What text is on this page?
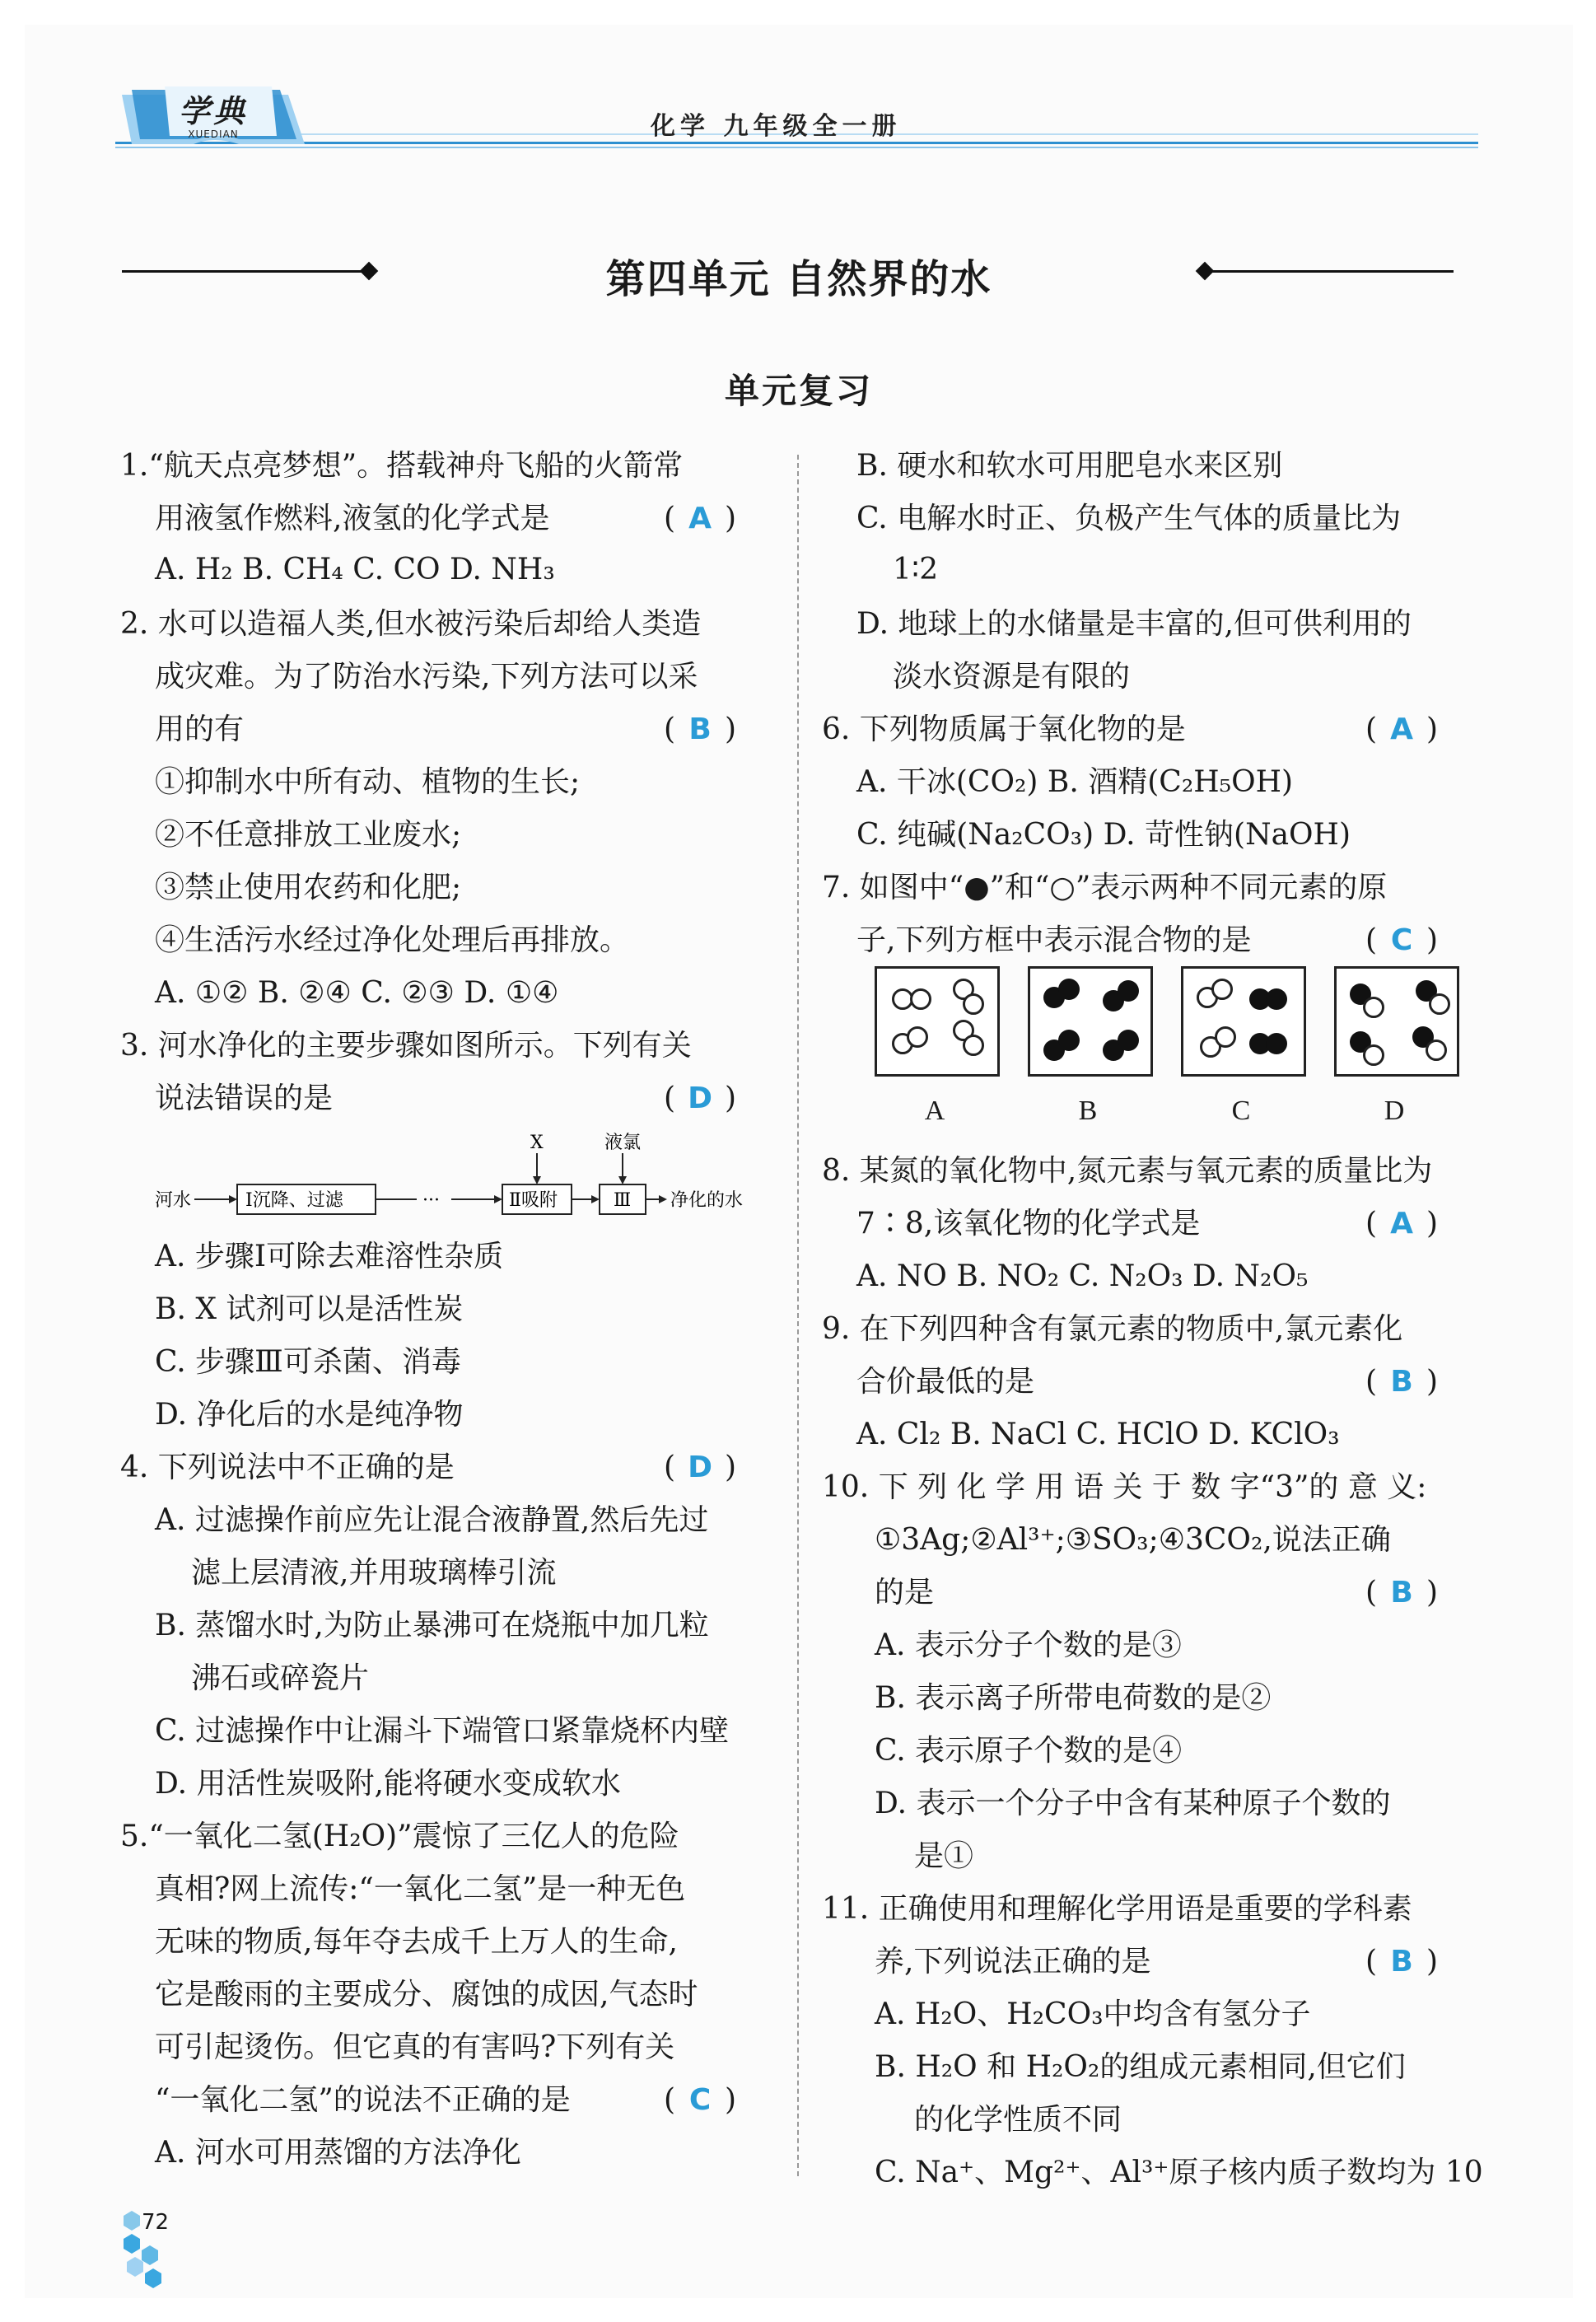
学典
XUEDIAN	化学 九年级全一册
第四单元 自然界的水
单元复习
1.“航天点亮梦想”。搭载神舟飞船的火箭常
用液氢作燃料,液氢的化学式是	( A )
A. H₂ B. CH₄ C. CO D. NH₃
2. 水可以造福人类,但水被污染后却给人类造
成灾难。为了防治水污染,下列方法可以采
用的有	( B )
①抑制水中所有动、植物的生长;
②不任意排放工业废水;
③禁止使用农药和化肥;
④生活污水经过净化处理后再排放。
A. ①② B. ②④ C. ②③ D. ①④
3. 河水净化的主要步骤如图所示。下列有关
说法错误的是	( D )
河水	Ⅰ沉降、过滤	···	Ⅱ吸附	Ⅲ 净化的水
X	液氯
A. 步骤Ⅰ可除去难溶性杂质
B. X 试剂可以是活性炭
C. 步骤Ⅲ可杀菌、消毒
D. 净化后的水是纯净物
4. 下列说法中不正确的是	( D )
A. 过滤操作前应先让混合液静置,然后先过
滤上层清液,并用玻璃棒引流
B. 蒸馏水时,为防止暴沸可在烧瓶中加几粒
沸石或碎瓷片
C. 过滤操作中让漏斗下端管口紧靠烧杯内壁
D. 用活性炭吸附,能将硬水变成软水
5.“一氧化二氢(H₂O)”震惊了三亿人的危险
真相?网上流传:“一氧化二氢”是一种无色
无味的物质,每年夺去成千上万人的生命,
它是酸雨的主要成分、腐蚀的成因,气态时
可引起烫伤。但它真的有害吗?下列有关
“一氧化二氢”的说法不正确的是	( C )
A. 河水可用蒸馏的方法净化
B. 硬水和软水可用肥皂水来区别
C. 电解水时正、负极产生气体的质量比为
1∶2
D. 地球上的水储量是丰富的,但可供利用的
淡水资源是有限的
6. 下列物质属于氧化物的是	( A )
A. 干冰(CO₂) B. 酒精(C₂H₅OH)
C. 纯碱(Na₂CO₃) D. 苛性钠(NaOH)
7. 如图中“●”和“○”表示两种不同元素的原
子,下列方框中表示混合物的是	( C )
A	B	C	D
8. 某氮的氧化物中,氮元素与氧元素的质量比为
7∶8,该氧化物的化学式是	( A )
A. NO B. NO₂ C. N₂O₃ D. N₂O₅
9. 在下列四种含有氯元素的物质中,氯元素化
合价最低的是	( B )
A. Cl₂ B. NaCl C. HClO D. KClO₃
10. 下 列 化 学 用 语 关 于 数 字“3”的 意 义:
①3Ag;②Al³⁺;③SO₃;④3CO₂,说法正确
的是	( B )
A. 表示分子个数的是③
B. 表示离子所带电荷数的是②
C. 表示原子个数的是④
D. 表示一个分子中含有某种原子个数的
是①
11. 正确使用和理解化学用语是重要的学科素
养,下列说法正确的是	( B )
A. H₂O、H₂CO₃中均含有氢分子
B. H₂O 和 H₂O₂的组成元素相同,但它们
的化学性质不同
C. Na⁺、Mg²⁺、Al³⁺原子核内质子数均为 10
72
